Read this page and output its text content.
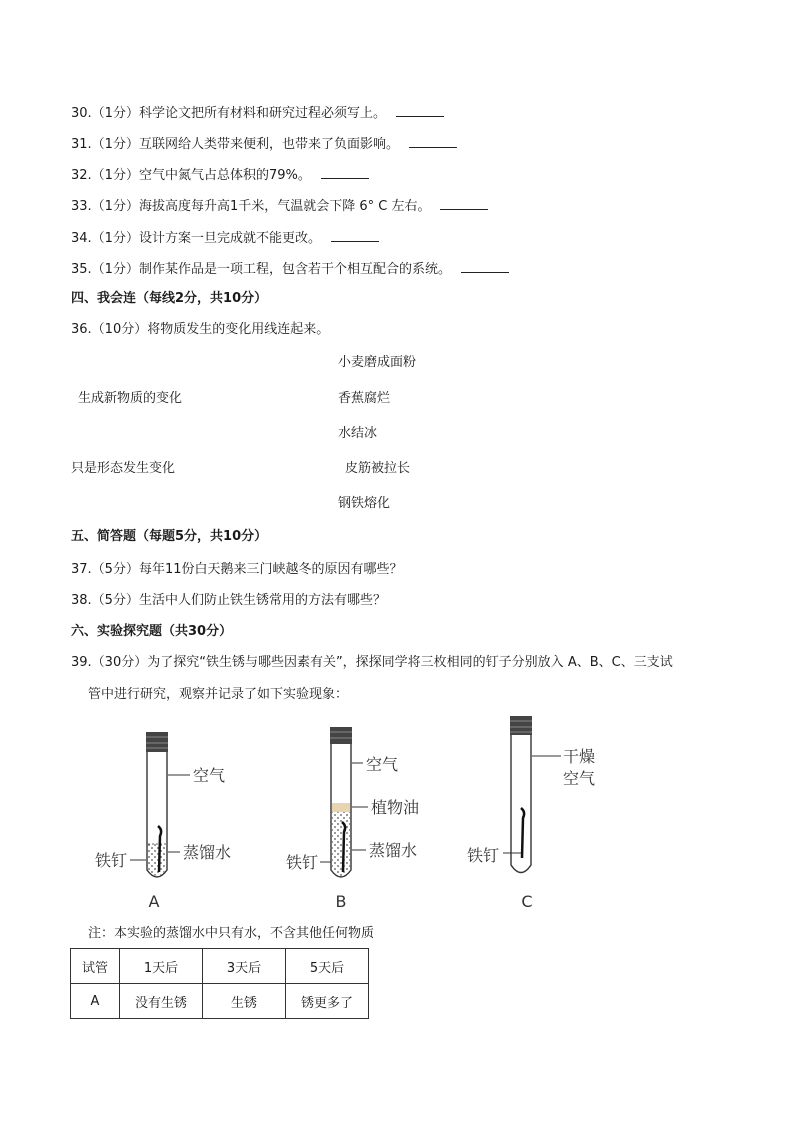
30.（1分）科学论文把所有材料和研究过程必须写上。
31.（1分）互联网给人类带来便利，也带来了负面影响。
32.（1分）空气中氮气占总体积的79%。
33.（1分）海拔高度每升高1千米，气温就会下降 6° C 左右。
34.（1分）设计方案一旦完成就不能更改。
35.（1分）制作某作品是一项工程，包含若干个相互配合的系统。
四、我会连（每线2分，共10分）
36.（10分）将物质发生的变化用线连起来。
小麦磨成面粉
生成新物质的变化	香蕉腐烂
水结冰
只是形态发生变化	皮筋被拉长
钢铁熔化
五、简答题（每题5分，共10分）
37.（5分）每年11份白天鹅来三门峡越冬的原因有哪些？
38.（5分）生活中人们防止铁生锈常用的方法有哪些？
六、实验探究题（共30分）
39.（30分）为了探究“铁生锈与哪些因素有关”，探探同学将三枚相同的钉子分别放入 A、B、C、三支试
管中进行研究，观察并记录了如下实验现象：
空气
蒸馏水
铁钉
A
空气
植物油
蒸馏水
铁钉
B
干燥
空气
铁钉
C
注：本实验的蒸馏水中只有水，不含其他任何物质
试管	1天后	3天后	5天后
A	没有生锈	生锈	锈更多了
